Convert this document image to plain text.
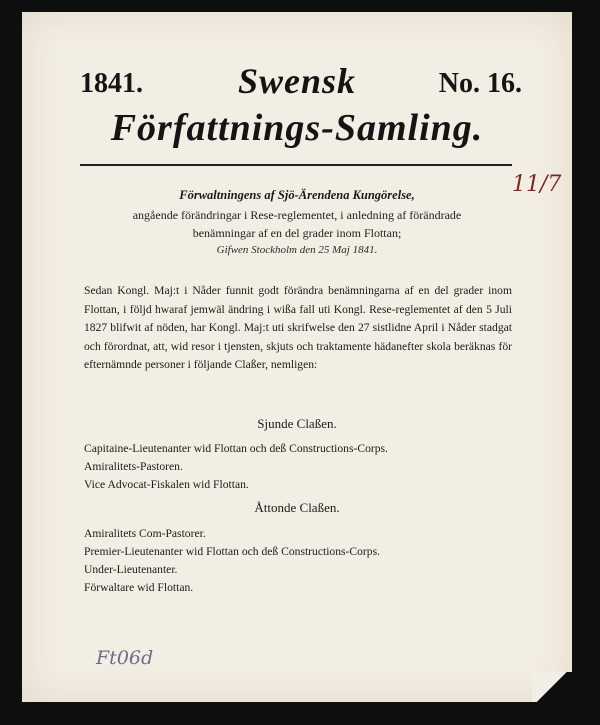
1841.	Swensk	No. 16.
Författnings-Samling.
11/7
Förwaltningens af Sjö-Ärendena Kungörelse,
angående förändringar i Rese-reglementet, i anledning af förändrade
benämningar af en del grader inom Flottan;
Gifwen Stockholm den 25 Maj 1841.
Sedan Kongl. Maj:t i Nåder funnit godt förändra benämningarna af en del grader inom Flottan, i följd hwaraf jemwäl ändring i wißa fall uti Kongl. Rese-reglementet af den 5 Juli 1827 blifwit af nöden, har Kongl. Maj:t uti skrifwelse den 27 sistlidne April i Nåder stadgat och förordnat, att, wid resor i tjensten, skjuts och traktamente hädanefter skola beräknas för efternämnde personer i följande Claßer, nemligen:
Sjunde Claßen.
Capitaine-Lieutenanter wid Flottan och deß Constructions-Corps.
Amiralitets-Pastoren.
Vice Advocat-Fiskalen wid Flottan.
Åttonde Claßen.
Amiralitets Com-Pastorer.
Premier-Lieutenanter wid Flottan och deß Constructions-Corps.
Under-Lieutenanter.
Förwaltare wid Flottan.
Ft06d
